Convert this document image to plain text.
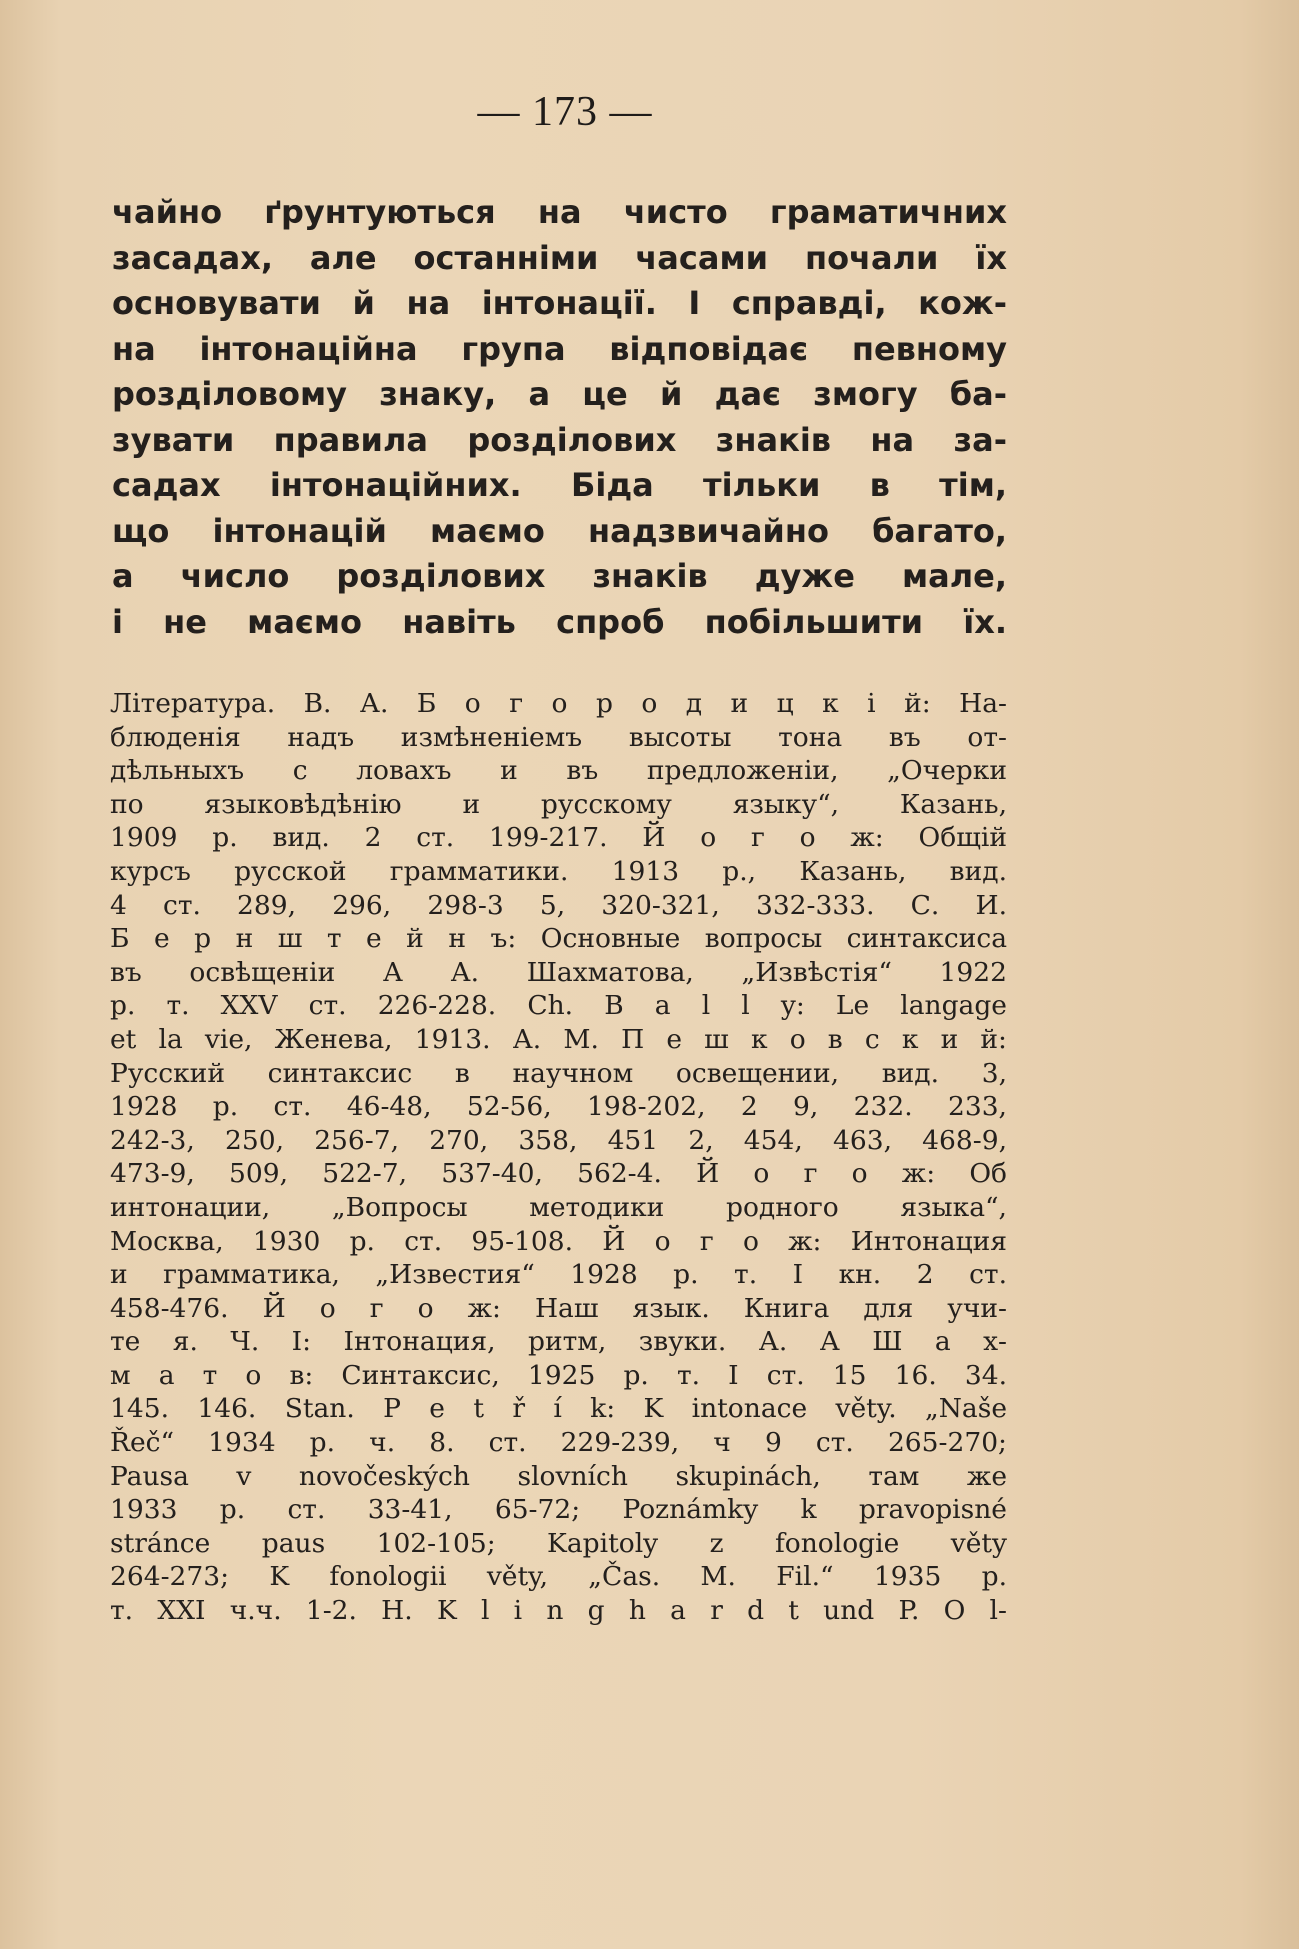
— 173 —
чайно ґрунтуються на чисто граматичних
засадах, але останніми часами почали їх
основувати й на інтонації. І справді, кож-
на інтонаційна група відповідає певному
розділовому знаку, а це й дає змогу ба-
зувати правила розділових знаків на за-
садах інтонаційних. Біда тільки в тім,
що інтонацій маємо надзвичайно багато,
а число розділових знаків дуже мале,
і не маємо навіть спроб побільшити їх.
Література. В. А. Б о г о р о д и ц к і й: На-
блюденія надъ измѣненіемъ высоты тона въ от-
дѣльныхъ с ловахъ и въ предложеніи, „Очерки
по языковѣдѣнію и русскому языку“, Казань,
1909 р. вид. 2 ст. 199-217. Й о г о ж: Общій
курсъ русской грамматики. 1913 р., Казань, вид.
4 ст. 289, 296, 298-3 5, 320-321, 332-333. С. И.
Б е р н ш т е й н ъ: Основные вопросы синтаксиса
въ освѣщеніи А А. Шахматова, „Извѣстія“ 1922
р. т. XXV ст. 226-228. Ch. B a l l y: Le langage
et la vie, Женева, 1913. А. М. П е ш к о в с к и й:
Русский синтаксис в научном освещении, вид. 3,
1928 р. ст. 46-48, 52-56, 198-202, 2 9, 232. 233,
242-3, 250, 256-7, 270, 358, 451 2, 454, 463, 468-9,
473-9, 509, 522-7, 537-40, 562-4. Й о г о ж: Об
интонации, „Вопросы методики родного языка“,
Москва, 1930 р. ст. 95-108. Й о г о ж: Интонация
и грамматика, „Известия“ 1928 р. т. І кн. 2 ст.
458-476. Й о г о ж: Наш язык. Книга для учи-
те я. Ч. І: Інтонация, ритм, звуки. А. А Ш а х-
м а т о в: Синтаксис, 1925 р. т. І ст. 15 16. 34.
145. 146. Stan. P e t ř í k: K intonace věty. „Naše
Řeč“ 1934 р. ч. 8. ст. 229-239, ч 9 ст. 265-270;
Pausa v novočeských slovních skupinách, там же
1933 р. ст. 33-41, 65-72; Poznámky k pravopisné
stránce paus 102-105; Kapitoly z fonologie věty
264-273; K fonologii věty, „Čas. M. Fil.“ 1935 р.
т. XXI ч.ч. 1-2. H. K l i n g h a r d t und P. O l-
